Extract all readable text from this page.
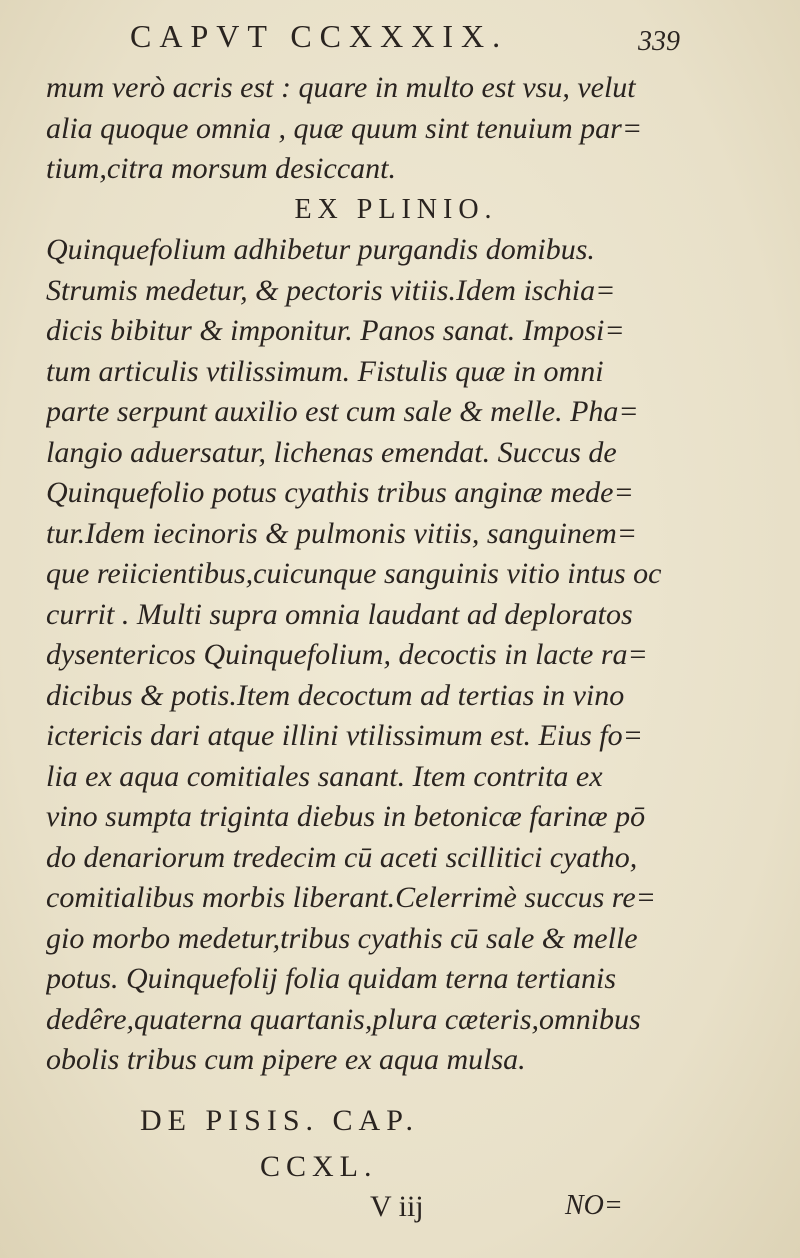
CAPVT CCXXXIX.	339
mum verò acris est : quare in multo est vsu, velut
alia quoque omnia , quæ quum sint tenuium par=
tium,citra morsum desiccant.
EX PLINIO.
Quinquefolium adhibetur purgandis domibus.
Strumis medetur, & pectoris vitiis.Idem ischia=
dicis bibitur & imponitur. Panos sanat. Imposi=
tum articulis vtilissimum. Fistulis quæ in omni
parte serpunt auxilio est cum sale & melle. Pha=
langio aduersatur, lichenas emendat. Succus de
Quinquefolio potus cyathis tribus anginæ mede=
tur.Idem iecinoris & pulmonis vitiis, sanguinem=
que reiicientibus,cuicunque sanguinis vitio intus oc
currit . Multi supra omnia laudant ad deploratos
dysentericos Quinquefolium, decoctis in lacte ra=
dicibus & potis.Item decoctum ad tertias in vino
ictericis dari atque illini vtilissimum est. Eius fo=
lia ex aqua comitiales sanant. Item contrita ex
vino sumpta triginta diebus in betonicæ farinæ pō
do denariorum tredecim cū aceti scillitici cyatho,
comitialibus morbis liberant.Celerrimè succus re=
gio morbo medetur,tribus cyathis cū sale & melle
potus. Quinquefolij folia quidam terna tertianis
dedêre,quaterna quartanis,plura cæteris,omnibus
obolis tribus cum pipere ex aqua mulsa.
DE PISIS. CAP.
CCXL.
V iij	NO=
